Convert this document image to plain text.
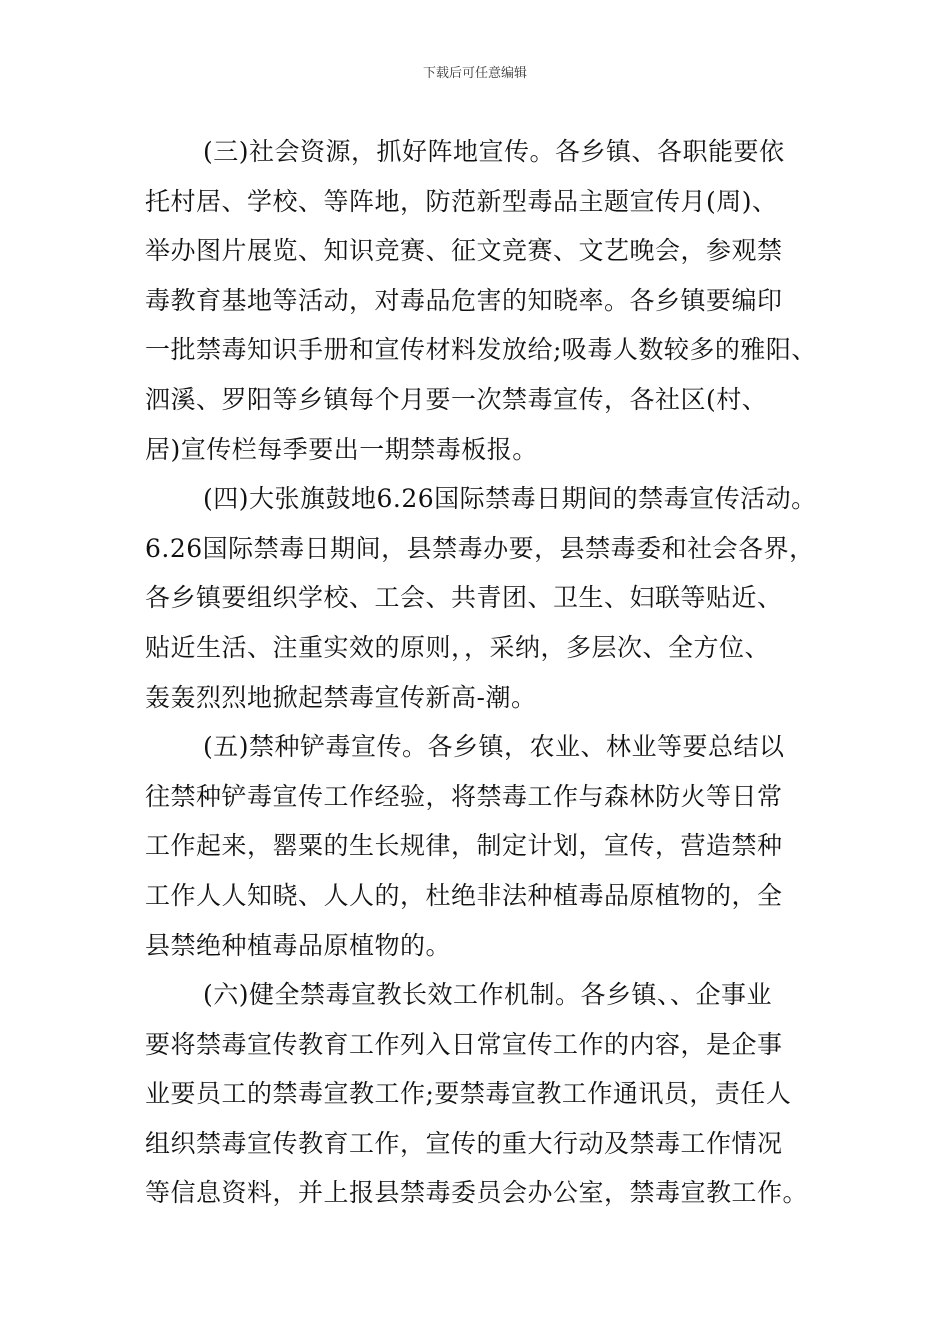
下载后可任意编辑

(三)社会资源，抓好阵地宣传。各乡镇、各职能要依
托村居、学校、等阵地，防范新型毒品主题宣传月(周)、
举办图片展览、知识竞赛、征文竞赛、文艺晚会，参观禁
毒教育基地等活动，对毒品危害的知晓率。各乡镇要编印
一批禁毒知识手册和宣传材料发放给;吸毒人数较多的雅阳、
泗溪、罗阳等乡镇每个月要一次禁毒宣传，各社区(村、
居)宣传栏每季要出一期禁毒板报。

(四)大张旗鼓地6.26国际禁毒日期间的禁毒宣传活动。
6.26国际禁毒日期间，县禁毒办要，县禁毒委和社会各界，
各乡镇要组织学校、工会、共青团、卫生、妇联等贴近、
贴近生活、注重实效的原则，，采纳，多层次、全方位、
轰轰烈烈地掀起禁毒宣传新高-潮。

(五)禁种铲毒宣传。各乡镇，农业、林业等要总结以
往禁种铲毒宣传工作经验，将禁毒工作与森林防火等日常
工作起来，罂粟的生长规律，制定计划，宣传，营造禁种
工作人人知晓、人人的，杜绝非法种植毒品原植物的，全
县禁绝种植毒品原植物的。

(六)健全禁毒宣教长效工作机制。各乡镇、、企事业
要将禁毒宣传教育工作列入日常宣传工作的内容，是企事
业要员工的禁毒宣教工作;要禁毒宣教工作通讯员，责任人
组织禁毒宣传教育工作，宣传的重大行动及禁毒工作情况
等信息资料，并上报县禁毒委员会办公室，禁毒宣教工作。
